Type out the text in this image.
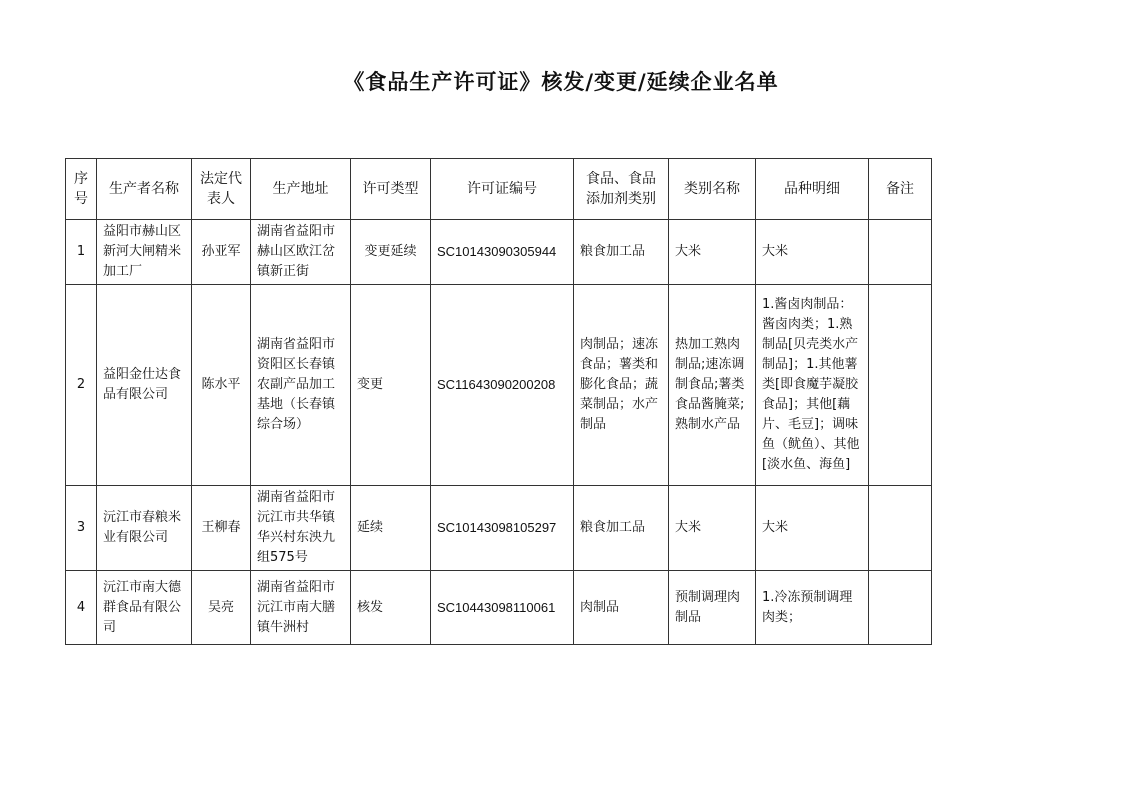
《食品生产许可证》核发/变更/延续企业名单
序号	生产者名称	法定代表人	生产地址	许可类型	许可证编号	食品、食品添加剂类别	类别名称	品种明细	备注
1	益阳市赫山区新河大闸精米加工厂	孙亚军	湖南省益阳市赫山区欧江岔镇新正街	变更延续	SC10143090305944	粮食加工品	大米	大米	
2	益阳金仕达食品有限公司	陈水平	湖南省益阳市资阳区长春镇农副产品加工基地（长春镇综合场）	变更	SC11643090200208	肉制品；速冻食品；薯类和膨化食品；蔬菜制品；水产制品	热加工熟肉制品;速冻调制食品;薯类食品酱腌菜;熟制水产品	1.酱卤肉制品：酱卤肉类；1.熟制品[贝壳类水产制品]；1.其他薯类[即食魔芋凝胶食品]；其他[藕片、毛豆]；调味鱼（鱿鱼）、其他[淡水鱼、海鱼]	
3	沅江市春粮米业有限公司	王柳春	湖南省益阳市沅江市共华镇华兴村东泱九组575号	延续	SC10143098105297	粮食加工品	大米	大米	
4	沅江市南大德群食品有限公司	吴亮	湖南省益阳市沅江市南大膳镇牛洲村	核发	SC10443098110061	肉制品	预制调理肉制品	1.冷冻预制调理肉类；	
